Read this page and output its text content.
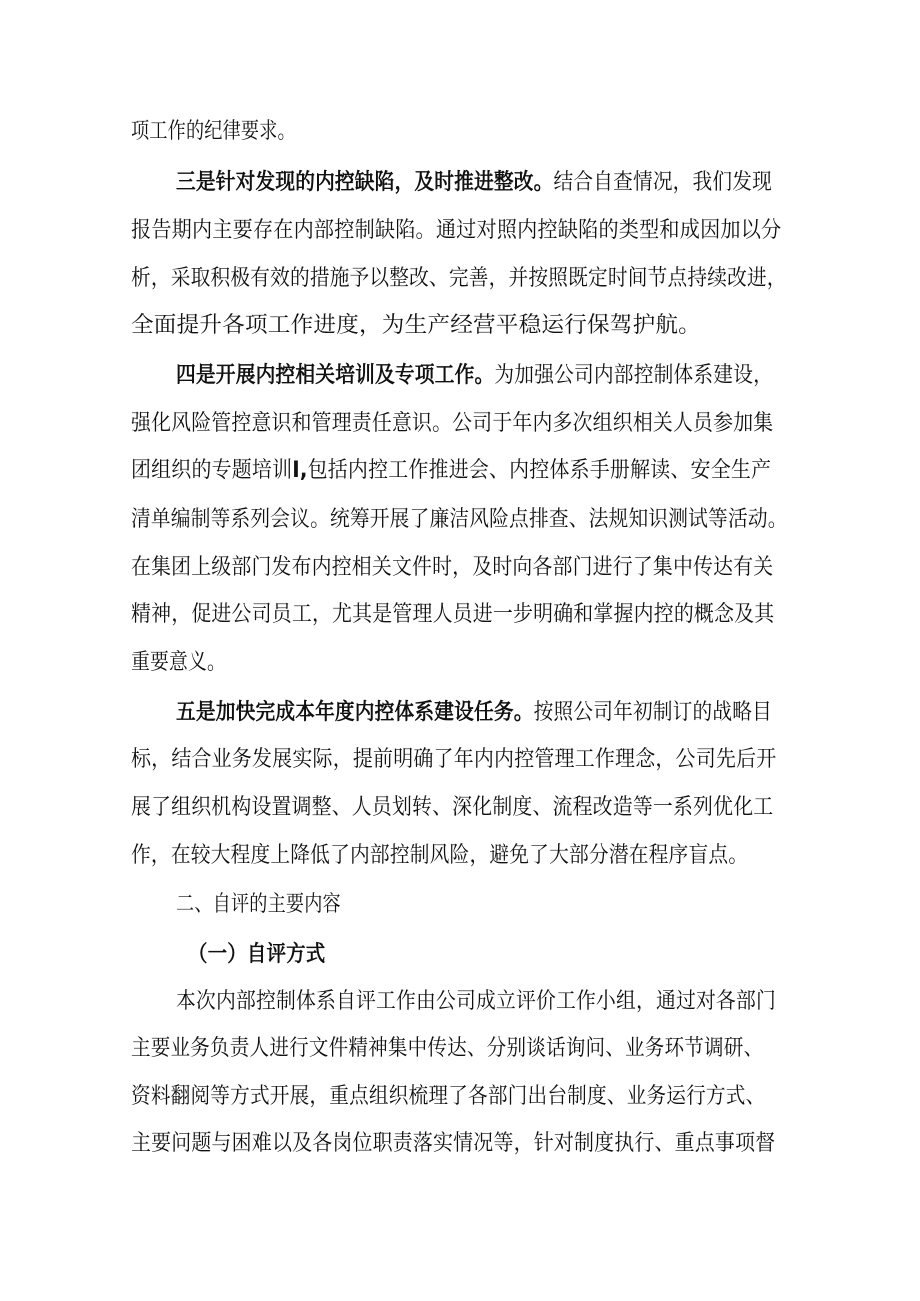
项工作的纪律要求。
三是针对发现的内控缺陷，及时推进整改。结合自查情况，我们发现
报告期内主要存在内部控制缺陷。通过对照内控缺陷的类型和成因加以分
析，采取积极有效的措施予以整改、完善，并按照既定时间节点持续改进，
全面提升各项工作进度，为生产经营平稳运行保驾护航。
四是开展内控相关培训及专项工作。为加强公司内部控制体系建设，
强化风险管控意识和管理责任意识。公司于年内多次组织相关人员参加集
团组织的专题培训I,包括内控工作推进会、内控体系手册解读、安全生产
清单编制等系列会议。统筹开展了廉洁风险点排查、法规知识测试等活动。
在集团上级部门发布内控相关文件时，及时向各部门进行了集中传达有关
精神，促进公司员工，尤其是管理人员进一步明确和掌握内控的概念及其
重要意义。
五是加快完成本年度内控体系建设任务。按照公司年初制订的战略目
标，结合业务发展实际，提前明确了年内内控管理工作理念，公司先后开
展了组织机构设置调整、人员划转、深化制度、流程改造等一系列优化工
作，在较大程度上降低了内部控制风险，避免了大部分潜在程序盲点。
二、自评的主要内容
（一）自评方式
本次内部控制体系自评工作由公司成立评价工作小组，通过对各部门
主要业务负责人进行文件精神集中传达、分别谈话询问、业务环节调研、
资料翻阅等方式开展，重点组织梳理了各部门出台制度、业务运行方式、
主要问题与困难以及各岗位职责落实情况等，针对制度执行、重点事项督
